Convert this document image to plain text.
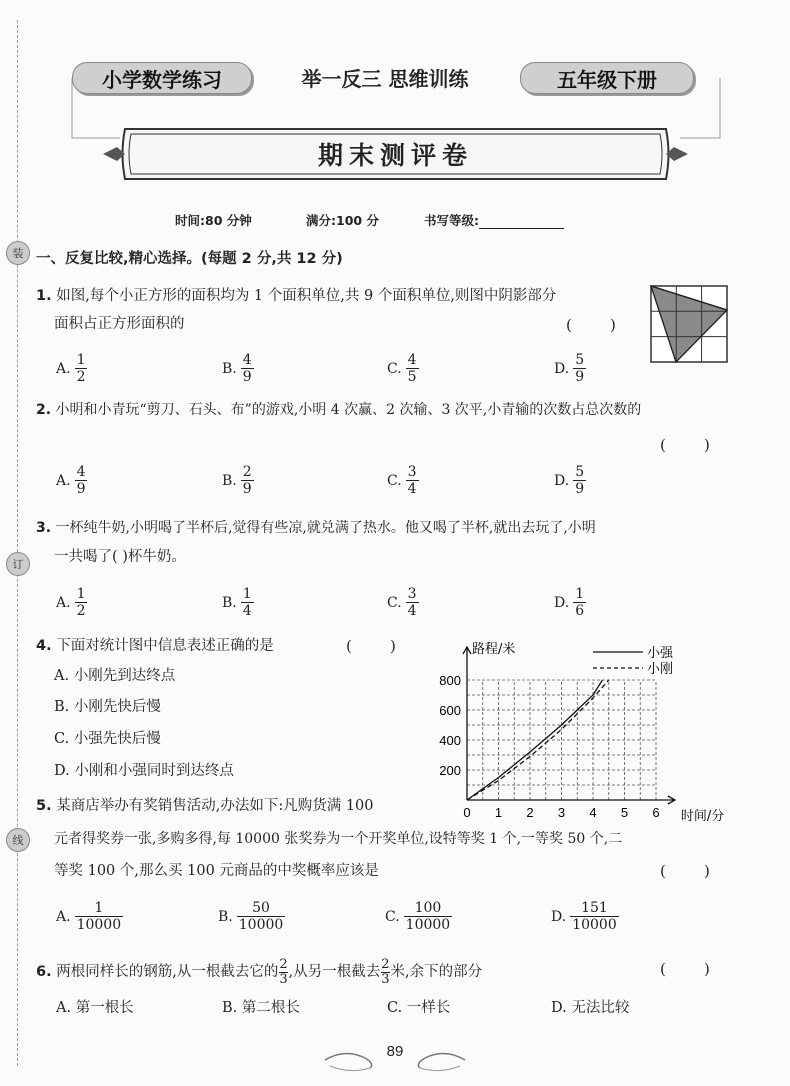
装
订
线
小学数学练习	举一反三 思维训练	五年级下册
期末测评卷
时间:80 分钟	满分:100 分	书写等级:
一、反复比较,精心选择。(每题 2 分,共 12 分)
1. 如图,每个小正方形的面积均为 1 个面积单位,共 9 个面积单位,则图中阴影部分
面积占正方形面积的	(        )
A. $\frac{1}{2}$	B. $\frac{4}{9}$	C. $\frac{4}{5}$	D. $\frac{5}{9}$
2. 小明和小青玩“剪刀、石头、布”的游戏,小明 4 次赢、2 次输、3 次平,小青输的次数占总次数的
(        )
A. $\frac{4}{9}$	B. $\frac{2}{9}$	C. $\frac{3}{4}$	D. $\frac{5}{9}$
3. 一杯纯牛奶,小明喝了半杯后,觉得有些凉,就兑满了热水。他又喝了半杯,就出去玩了,小明
一共喝了( )杯牛奶。
A. $\frac{1}{2}$	B. $\frac{1}{4}$	C. $\frac{3}{4}$	D. $\frac{1}{6}$
4. 下面对统计图中信息表述正确的是	(        )
A. 小刚先到达终点
B. 小刚先快后慢
C. 小强先快后慢
D. 小刚和小强同时到达终点
0 1 2 3 4 5 6
200
400
600
800
路程/米
时间/分
小强
小刚
5. 某商店举办有奖销售活动,办法如下:凡购货满 100
元者得奖券一张,多购多得,每 10000 张奖券为一个开奖单位,设特等奖 1 个,一等奖 50 个,二
等奖 100 个,那么买 100 元商品的中奖概率应该是	(        )
A. $\frac{1}{10000}$	B. $\frac{50}{10000}$	C. $\frac{100}{10000}$	D. $\frac{151}{10000}$
6. 两根同样长的钢筋,从一根截去它的 $\frac{2}{3}$ ,从另一根截去 $\frac{2}{3}$ 米,余下的部分	(        )
A. 第一根长	B. 第二根长	C. 一样长	D. 无法比较
89
